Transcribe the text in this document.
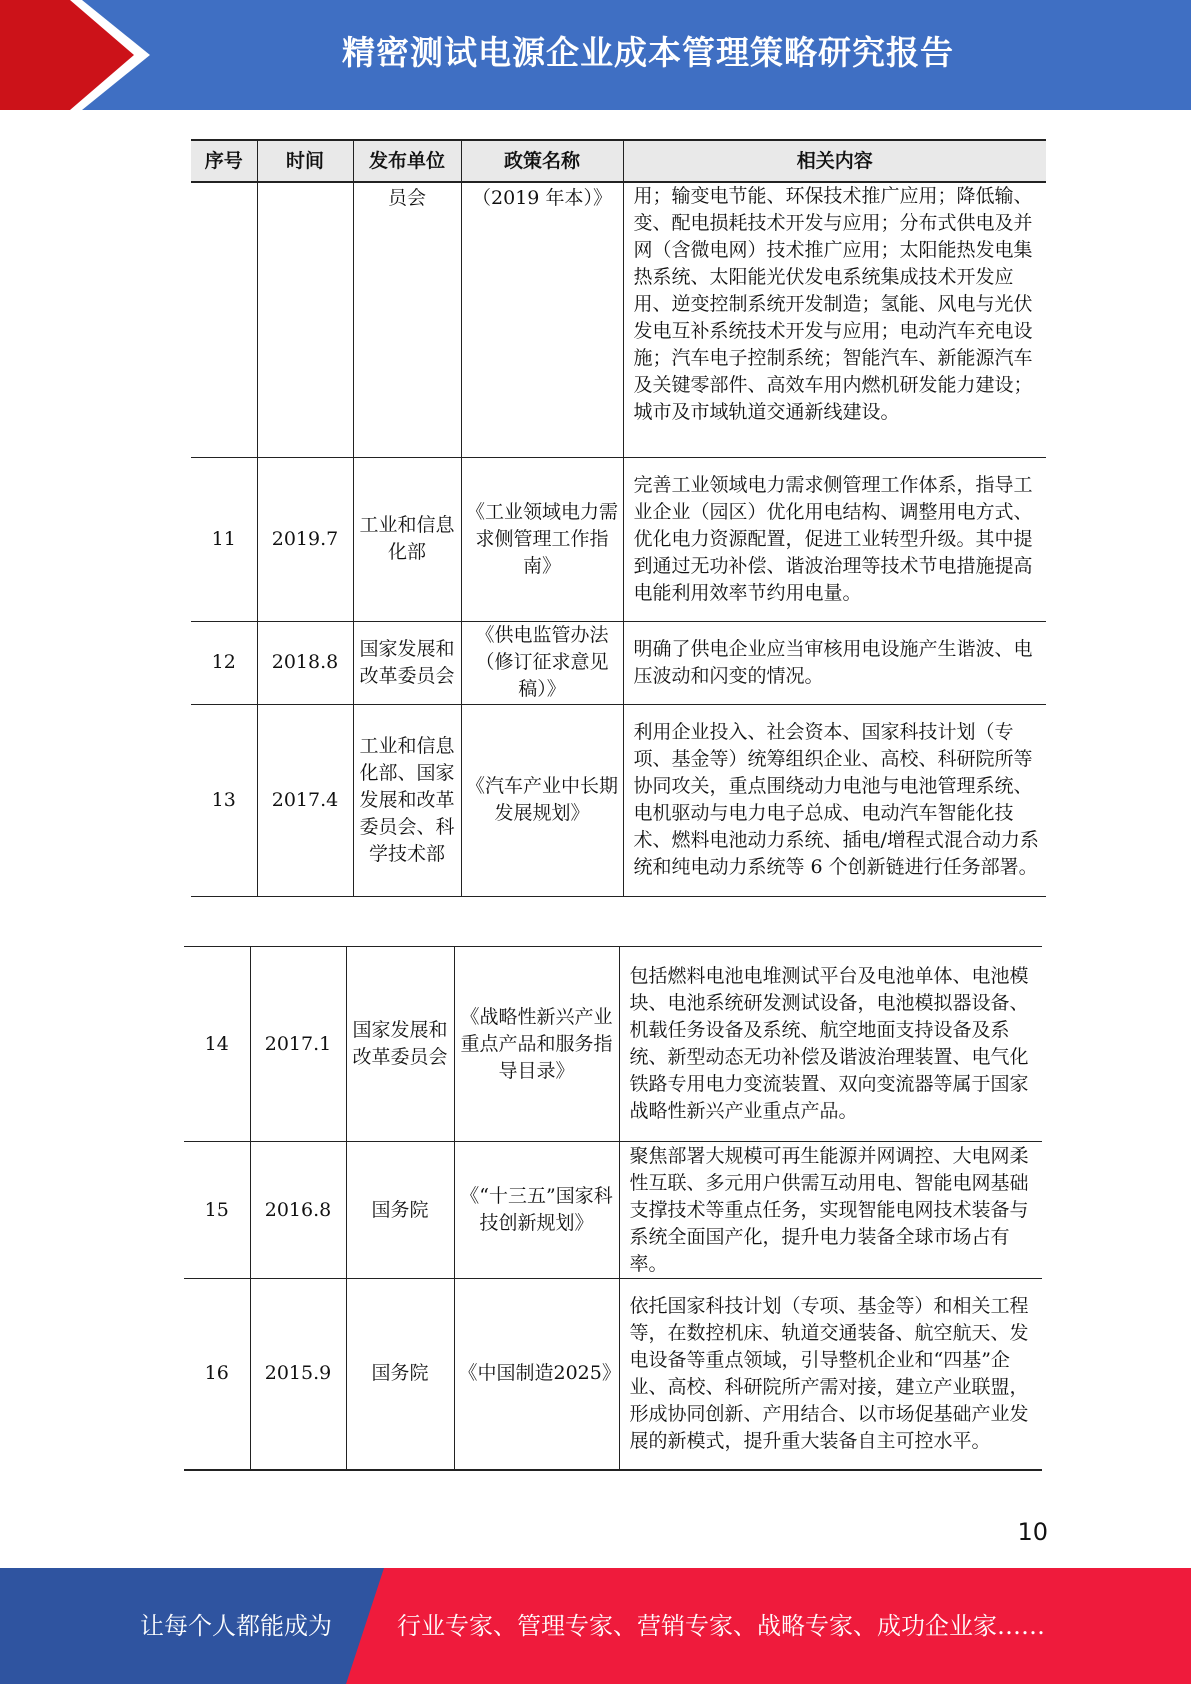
精密测试电源企业成本管理策略研究报告
序号	时间	发布单位	政策名称	相关内容
		员会	（2019 年本）》	用；输变电节能、环保技术推广应用；降低输、变、配电损耗技术开发与应用；分布式供电及并网（含微电网）技术推广应用；太阳能热发电集热系统、太阳能光伏发电系统集成技术开发应用、逆变控制系统开发制造；氢能、风电与光伏发电互补系统技术开发与应用；电动汽车充电设施；汽车电子控制系统；智能汽车、新能源汽车及关键零部件、高效车用内燃机研发能力建设；城市及市域轨道交通新线建设。
11	2019.7	工业和信息化部	《工业领域电力需求侧管理工作指南》	完善工业领域电力需求侧管理工作体系，指导工业企业（园区）优化用电结构、调整用电方式、优化电力资源配置，促进工业转型升级。其中提到通过无功补偿、谐波治理等技术节电措施提高电能利用效率节约用电量。
12	2018.8	国家发展和改革委员会	《供电监管办法（修订征求意见稿）》	明确了供电企业应当审核用电设施产生谐波、电压波动和闪变的情况。
13	2017.4	工业和信息化部、国家发展和改革委员会、科学技术部	《汽车产业中长期发展规划》	利用企业投入、社会资本、国家科技计划（专项、基金等）统筹组织企业、高校、科研院所等协同攻关，重点围绕动力电池与电池管理系统、电机驱动与电力电子总成、电动汽车智能化技术、燃料电池动力系统、插电/增程式混合动力系统和纯电动力系统等 6 个创新链进行任务部署。
14	2017.1	国家发展和改革委员会	《战略性新兴产业重点产品和服务指导目录》	包括燃料电池电堆测试平台及电池单体、电池模块、电池系统研发测试设备，电池模拟器设备、机载任务设备及系统、航空地面支持设备及系统、新型动态无功补偿及谐波治理装置、电气化铁路专用电力变流装置、双向变流器等属于国家战略性新兴产业重点产品。
15	2016.8	国务院	《“十三五”国家科技创新规划》	聚焦部署大规模可再生能源并网调控、大电网柔性互联、多元用户供需互动用电、智能电网基础支撑技术等重点任务，实现智能电网技术装备与系统全面国产化，提升电力装备全球市场占有率。
16	2015.9	国务院	《中国制造2025》	依托国家科技计划（专项、基金等）和相关工程等，在数控机床、轨道交通装备、航空航天、发电设备等重点领域，引导整机企业和“四基”企业、高校、科研院所产需对接，建立产业联盟，形成协同创新、产用结合、以市场促基础产业发展的新模式，提升重大装备自主可控水平。
10
让每个人都能成为	行业专家、管理专家、营销专家、战略专家、成功企业家……
